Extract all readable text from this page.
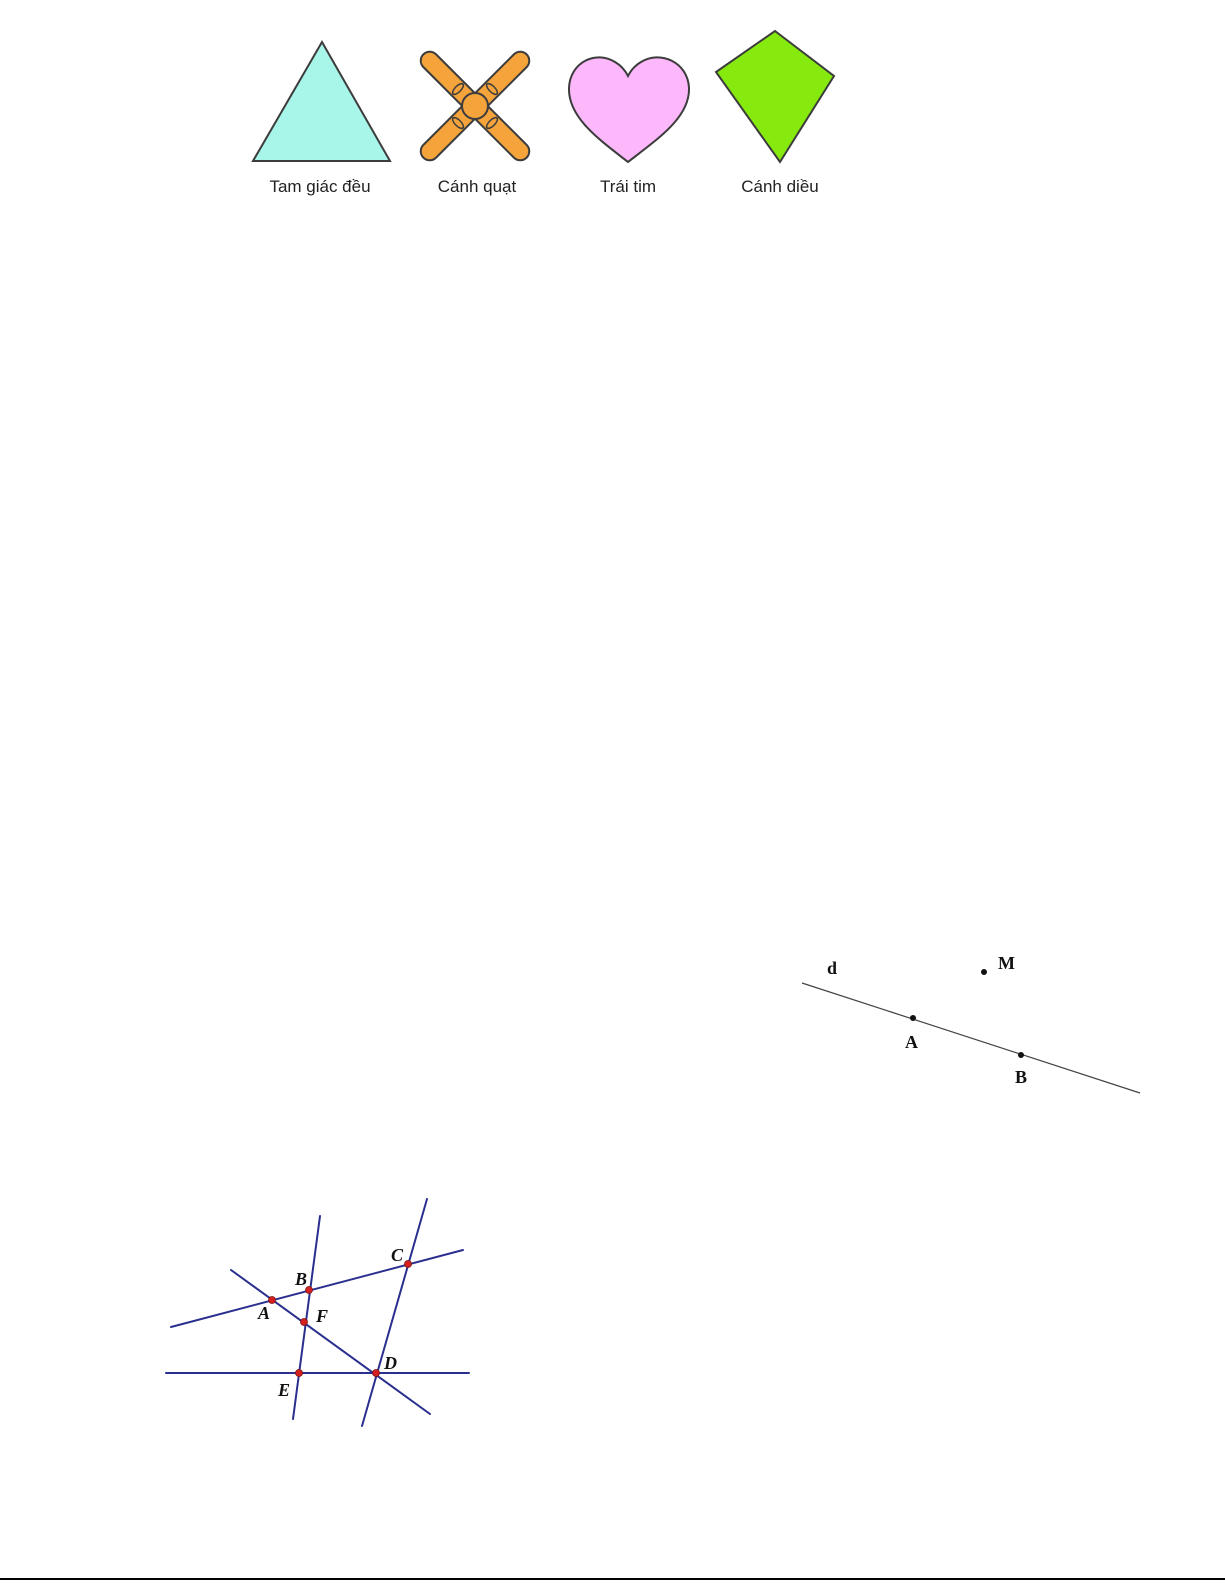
Tam giác đều	Cánh quạt	Trái tim	Cánh diều
d	M
A
B
A
B
C
D
E
F
